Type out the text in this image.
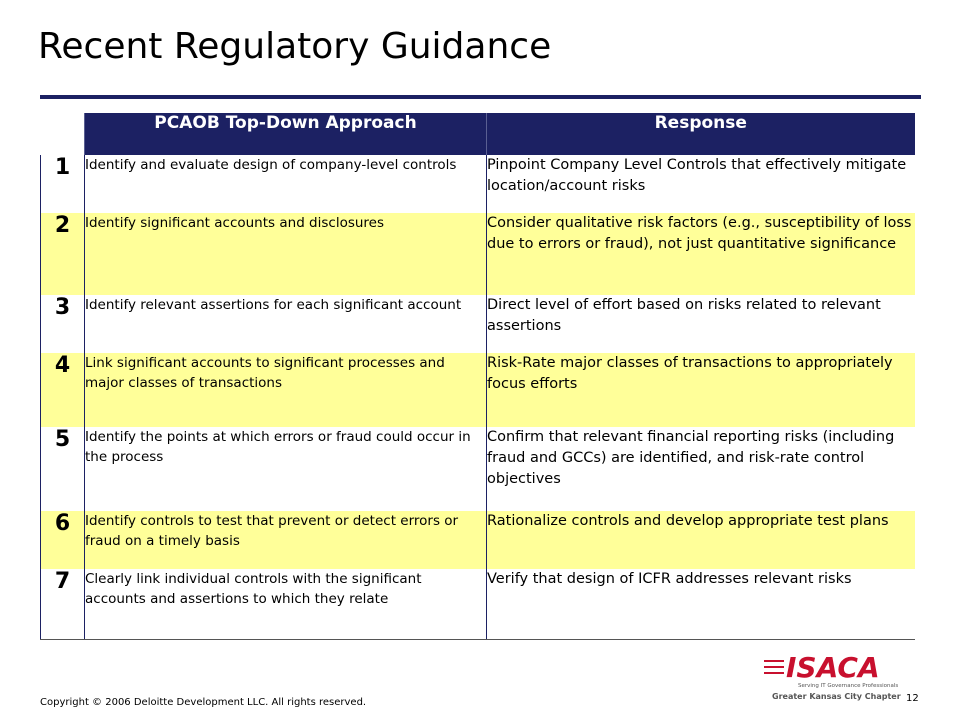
Recent Regulatory Guidance
	PCAOB Top-Down Approach	Response
1	Identify and evaluate design of company-level controls	Pinpoint Company Level Controls that effectively mitigate location/account risks
2	Identify significant accounts and disclosures	Consider qualitative risk factors (e.g., susceptibility of loss due to errors or fraud), not just quantitative significance
3	Identify relevant assertions for each significant account	Direct level of effort based on risks related to relevant assertions
4	Link significant accounts to significant processes and major classes of transactions	Risk-Rate major classes of transactions to appropriately focus efforts
5	Identify the points at which errors or fraud could occur in the process	Confirm that relevant financial reporting risks (including fraud and GCCs) are identified, and risk-rate control objectives
6	Identify controls to test that prevent or detect errors or fraud on a timely basis	Rationalize controls and develop appropriate test plans
7	Clearly link individual controls with the significant accounts and assertions to which they relate	Verify that design of ICFR addresses relevant risks
Copyright © 2006 Deloitte Development LLC. All rights reserved.	12
ISACA
Serving IT Governance Professionals
Greater Kansas City Chapter
